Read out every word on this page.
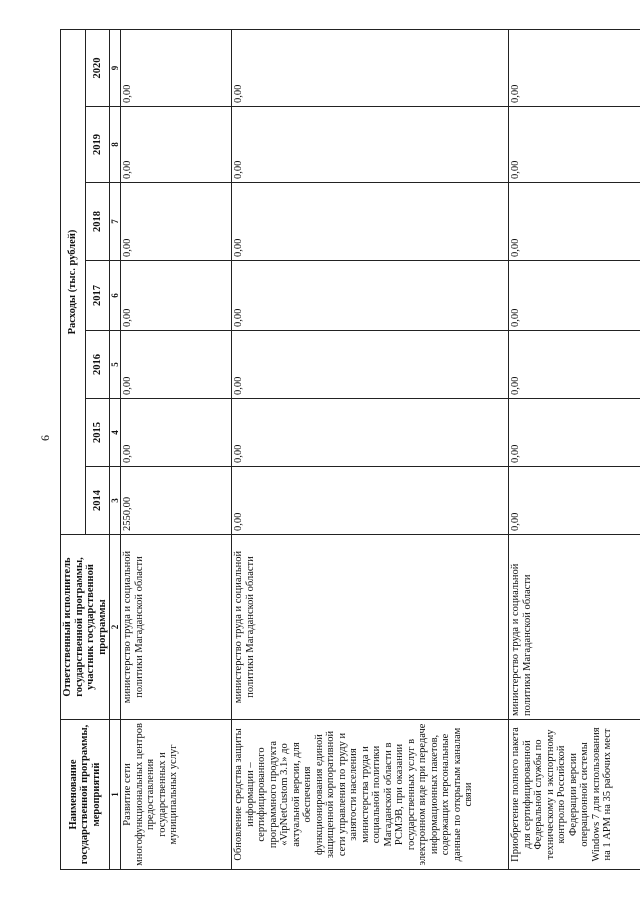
6
Наименование государственной программы, мероприятий	Ответственный исполнитель государственной программы, участник государственной программы	Расходы (тыс. рублей)						
		2014	2015	2016	2017	2018	2019	2020
1	2	3	4	5	6	7	8	9
Развитие сети многофункциональных центров предоставления государственных и муниципальных услуг	министерство труда и социальной политики Магаданской области	2550,00	0,00	0,00	0,00	0,00	0,00	0,00
Обновление средства защиты информации – сертифицированного программного продукта «VipNetCustom 3.1» до актуальной версии, для обеспечения функционирования единой защищенной корпоративной сети управления по труду и занятости населения министерства труда и социальной политики Магаданской области в РСМЭВ, при оказании государственных услуг в электронном виде при передаче информационных пакетов, содержащих персональные данные по открытым каналам связи	министерство труда и социальной политики Магаданской области	0,00	0,00	0,00	0,00	0,00	0,00	0,00
Приобретение полного пакета для сертифицированной Федеральной службы по техническому и экспортному контролю Российской Федерации версии операционной системы Windows 7 для использования на 1 АРМ на 35 рабочих мест	министерство труда и социальной политики Магаданской области	0,00	0,00	0,00	0,00	0,00	0,00	0,00
